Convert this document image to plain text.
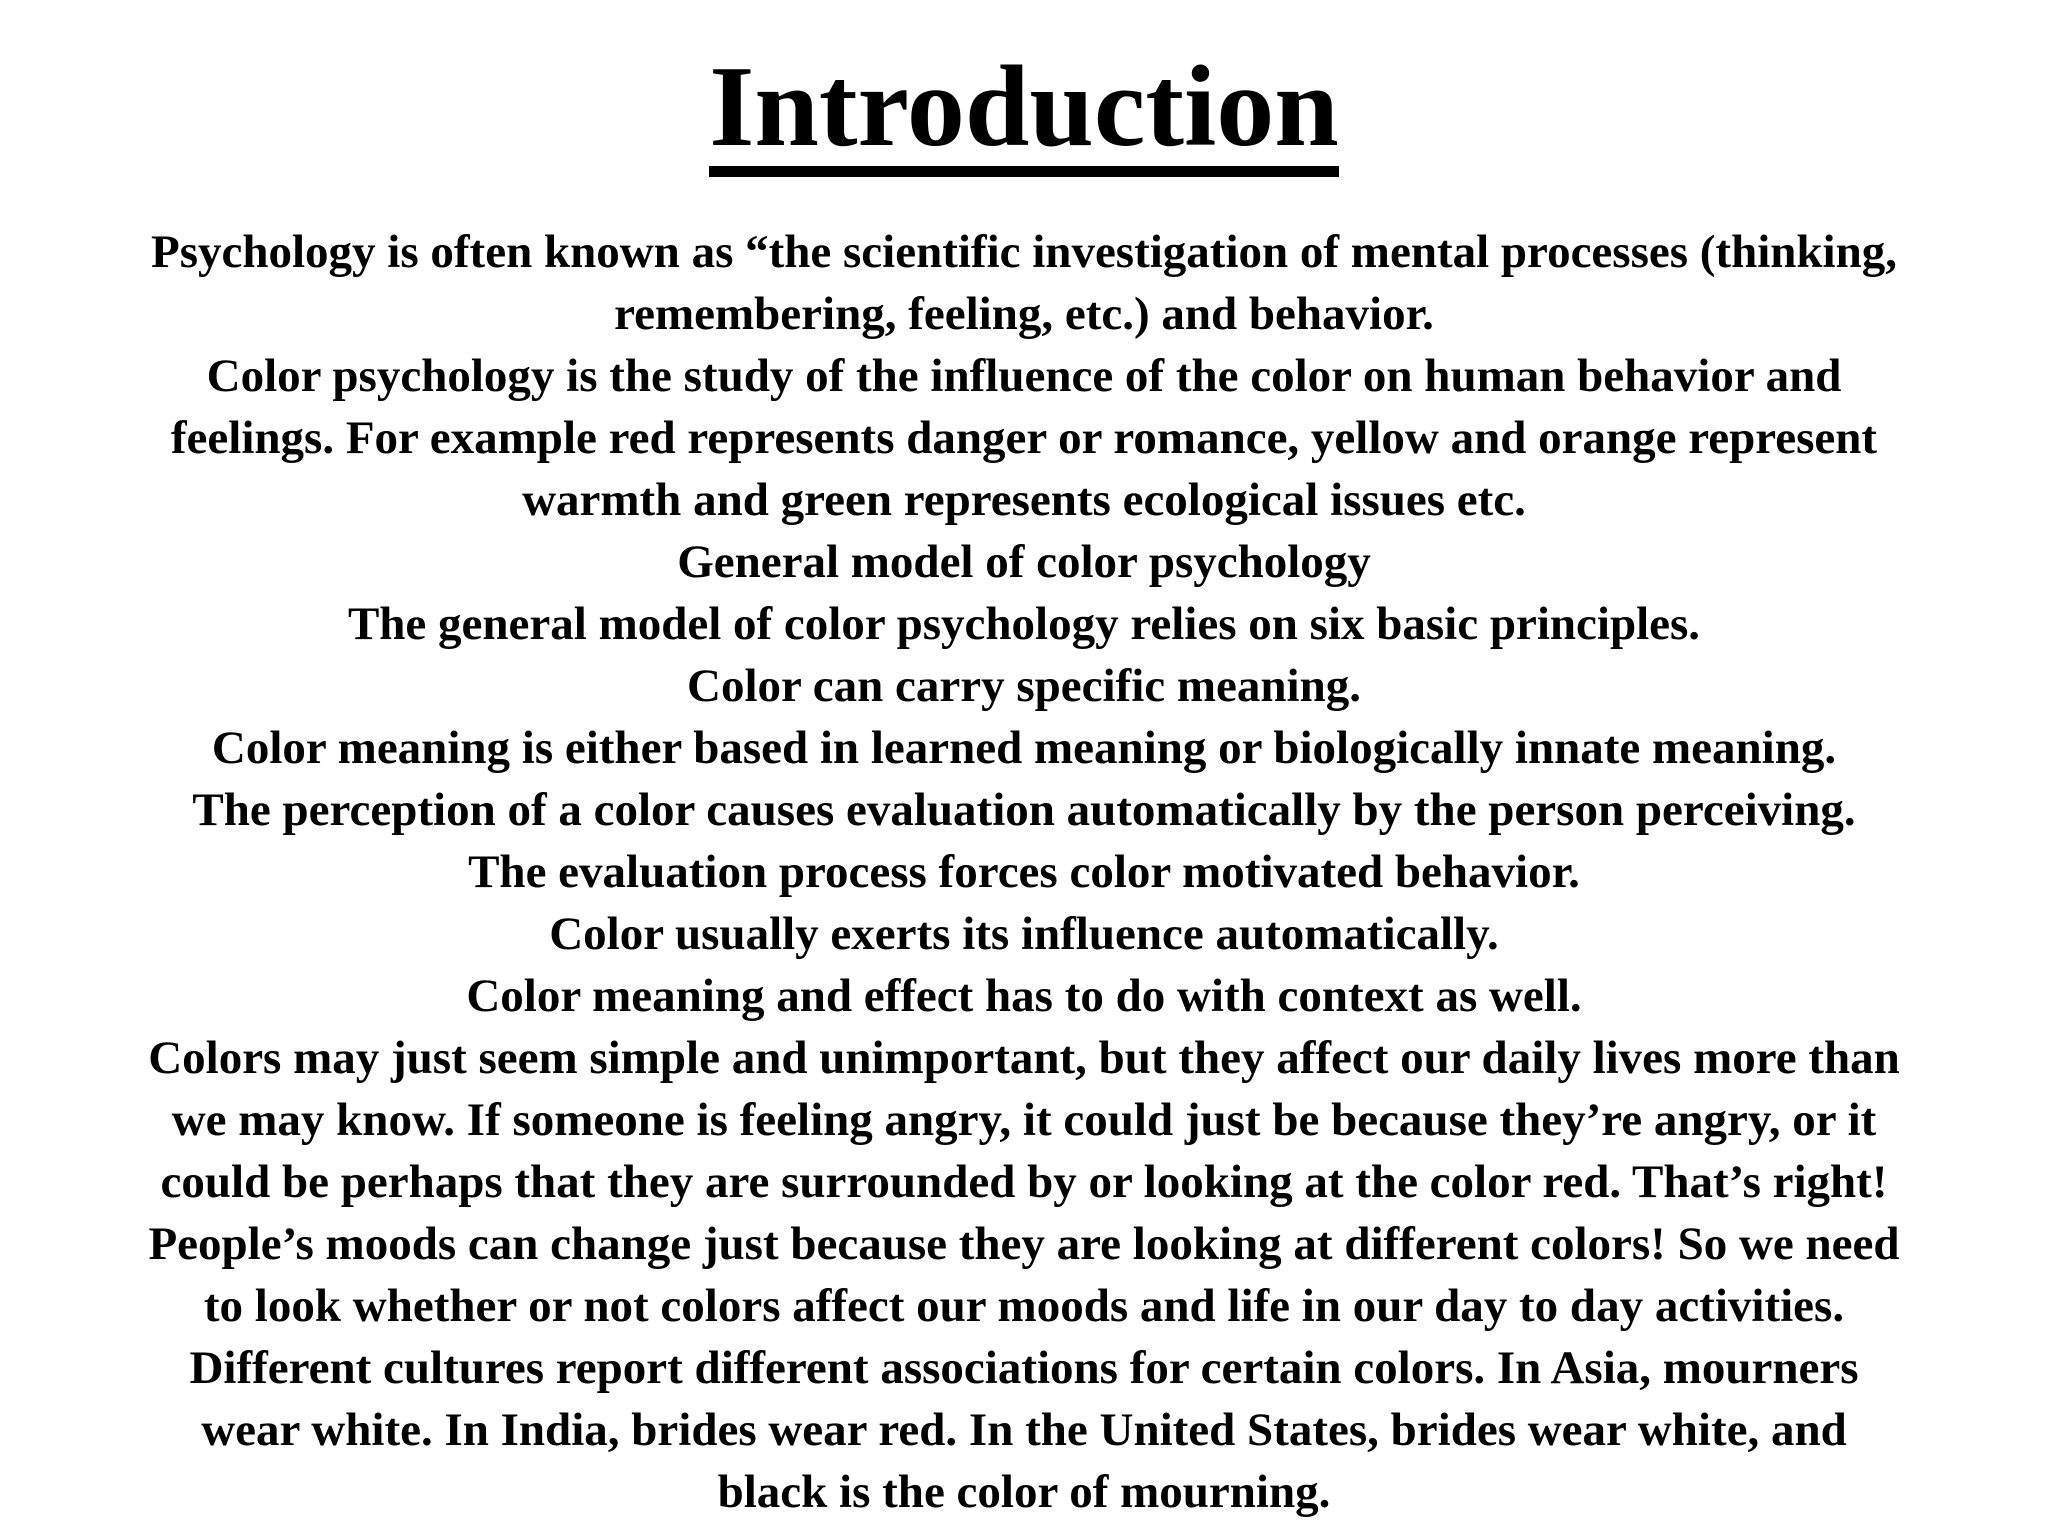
Introduction
Psychology is often known as “the scientific investigation of mental processes (thinking,
remembering, feeling, etc.) and behavior.
Color psychology is the study of the influence of the color on human behavior and
feelings. For example red represents danger or romance, yellow and orange represent
warmth and green represents ecological issues etc.
General model of color psychology
The general model of color psychology relies on six basic principles.
Color can carry specific meaning.
Color meaning is either based in learned meaning or biologically innate meaning.
The perception of a color causes evaluation automatically by the person perceiving.
The evaluation process forces color motivated behavior.
Color usually exerts its influence automatically.
Color meaning and effect has to do with context as well.
Colors may just seem simple and unimportant, but they affect our daily lives more than
we may know. If someone is feeling angry, it could just be because they’re angry, or it
could be perhaps that they are surrounded by or looking at the color red. That’s right!
People’s moods can change just because they are looking at different colors! So we need
to look whether or not colors affect our moods and life in our day to day activities.
Different cultures report different associations for certain colors. In Asia, mourners
wear white. In India, brides wear red. In the United States, brides wear white, and
black is the color of mourning.
